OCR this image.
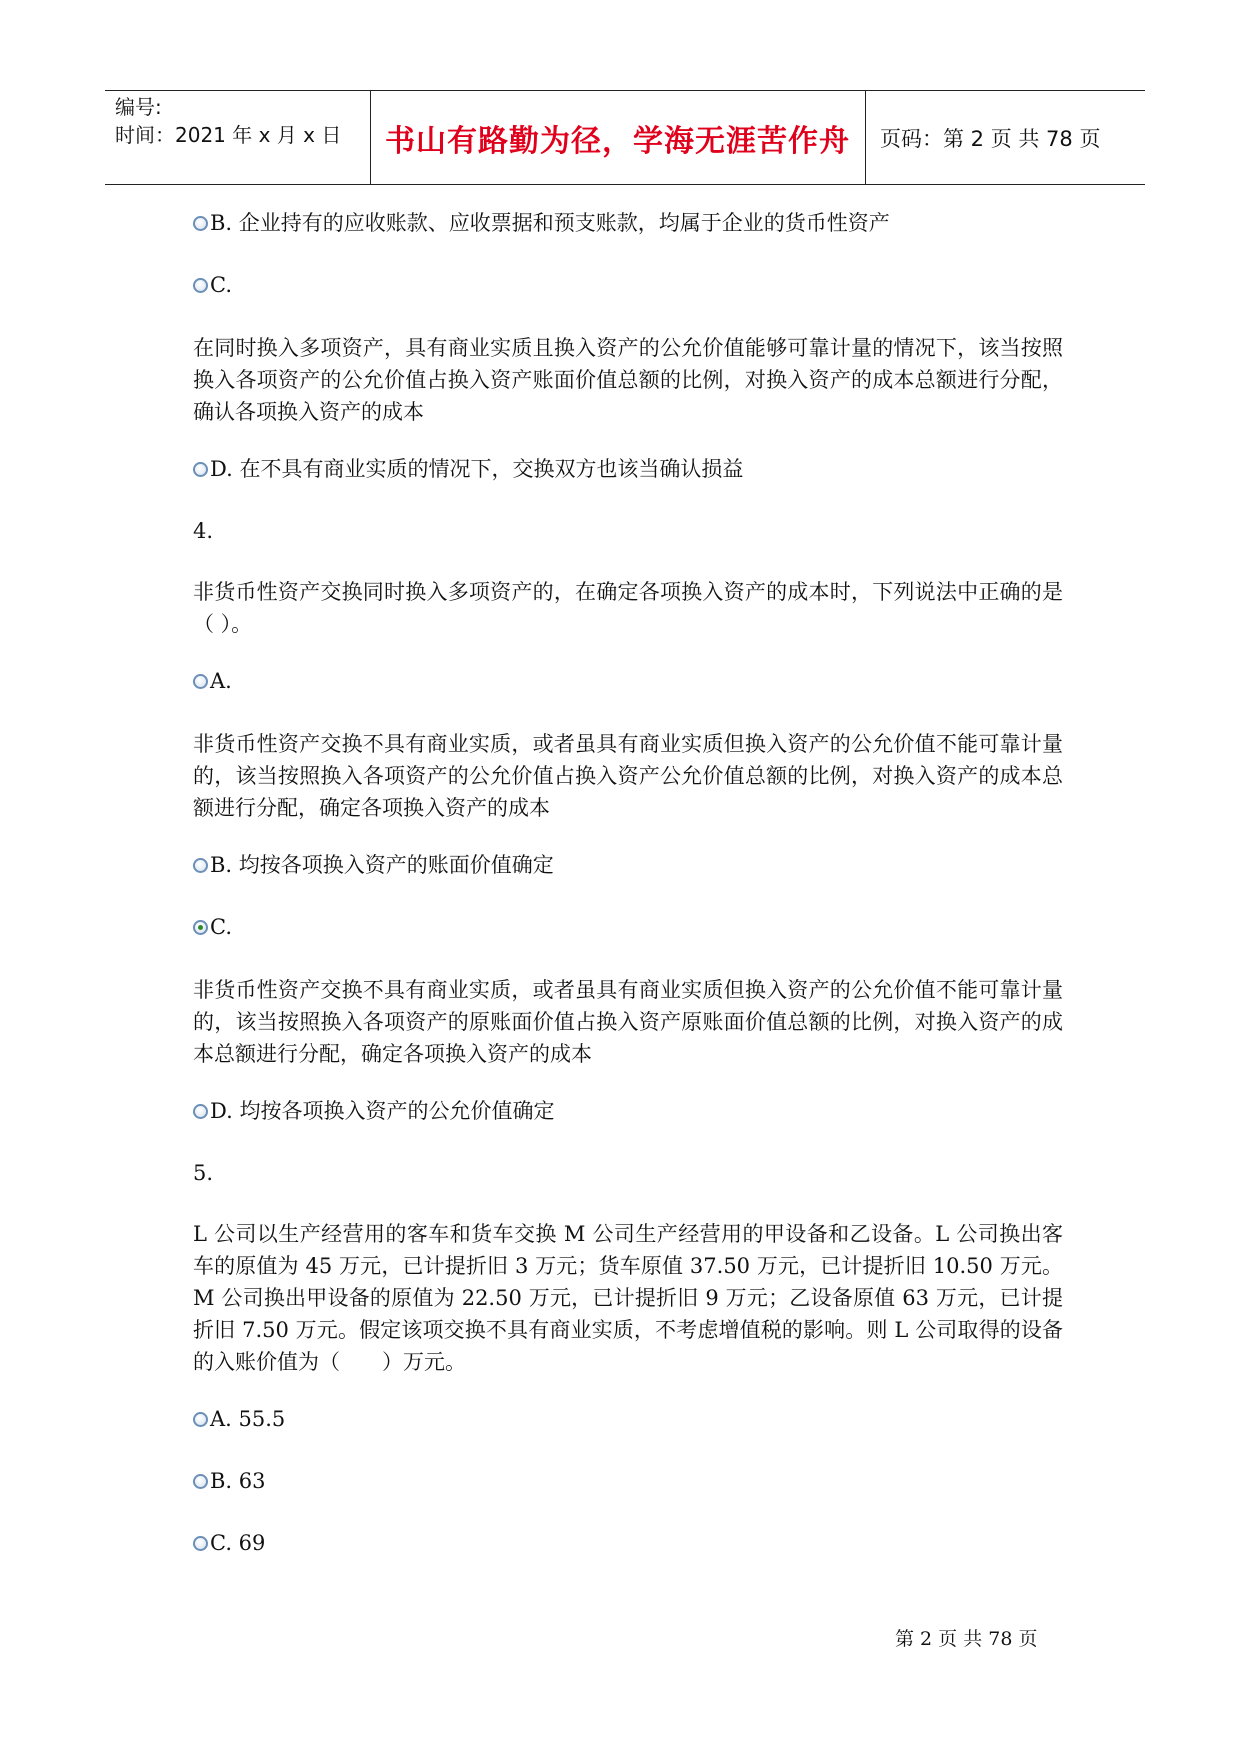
编号:
时间：2021 年 x 月 x 日	书山有路勤为径，学海无涯苦作舟	页码：第 2 页 共 78 页
B. 企业持有的应收账款、应收票据和预支账款，均属于企业的货币性资产
C.
在同时换入多项资产，具有商业实质且换入资产的公允价值能够可靠计量的情况下，该当按照换入各项资产的公允价值占换入资产账面价值总额的比例，对换入资产的成本总额进行分配，确认各项换入资产的成本
D. 在不具有商业实质的情况下，交换双方也该当确认损益
4.
非货币性资产交换同时换入多项资产的，在确定各项换入资产的成本时，下列说法中正确的是（ ）。
A.
非货币性资产交换不具有商业实质，或者虽具有商业实质但换入资产的公允价值不能可靠计量的，该当按照换入各项资产的公允价值占换入资产公允价值总额的比例，对换入资产的成本总额进行分配，确定各项换入资产的成本
B. 均按各项换入资产的账面价值确定
C.
非货币性资产交换不具有商业实质，或者虽具有商业实质但换入资产的公允价值不能可靠计量的，该当按照换入各项资产的原账面价值占换入资产原账面价值总额的比例，对换入资产的成本总额进行分配，确定各项换入资产的成本
D. 均按各项换入资产的公允价值确定
5.
L 公司以生产经营用的客车和货车交换 M 公司生产经营用的甲设备和乙设备。L 公司换出客车的原值为 45 万元，已计提折旧 3 万元；货车原值 37.50 万元，已计提折旧 10.50 万元。M 公司换出甲设备的原值为 22.50 万元，已计提折旧 9 万元；乙设备原值 63 万元，已计提折旧 7.50 万元。假定该项交换不具有商业实质，不考虑增值税的影响。则 L 公司取得的设备的入账价值为（　　）万元。
A. 55.5
B. 63
C. 69
第 2 页 共 78 页
